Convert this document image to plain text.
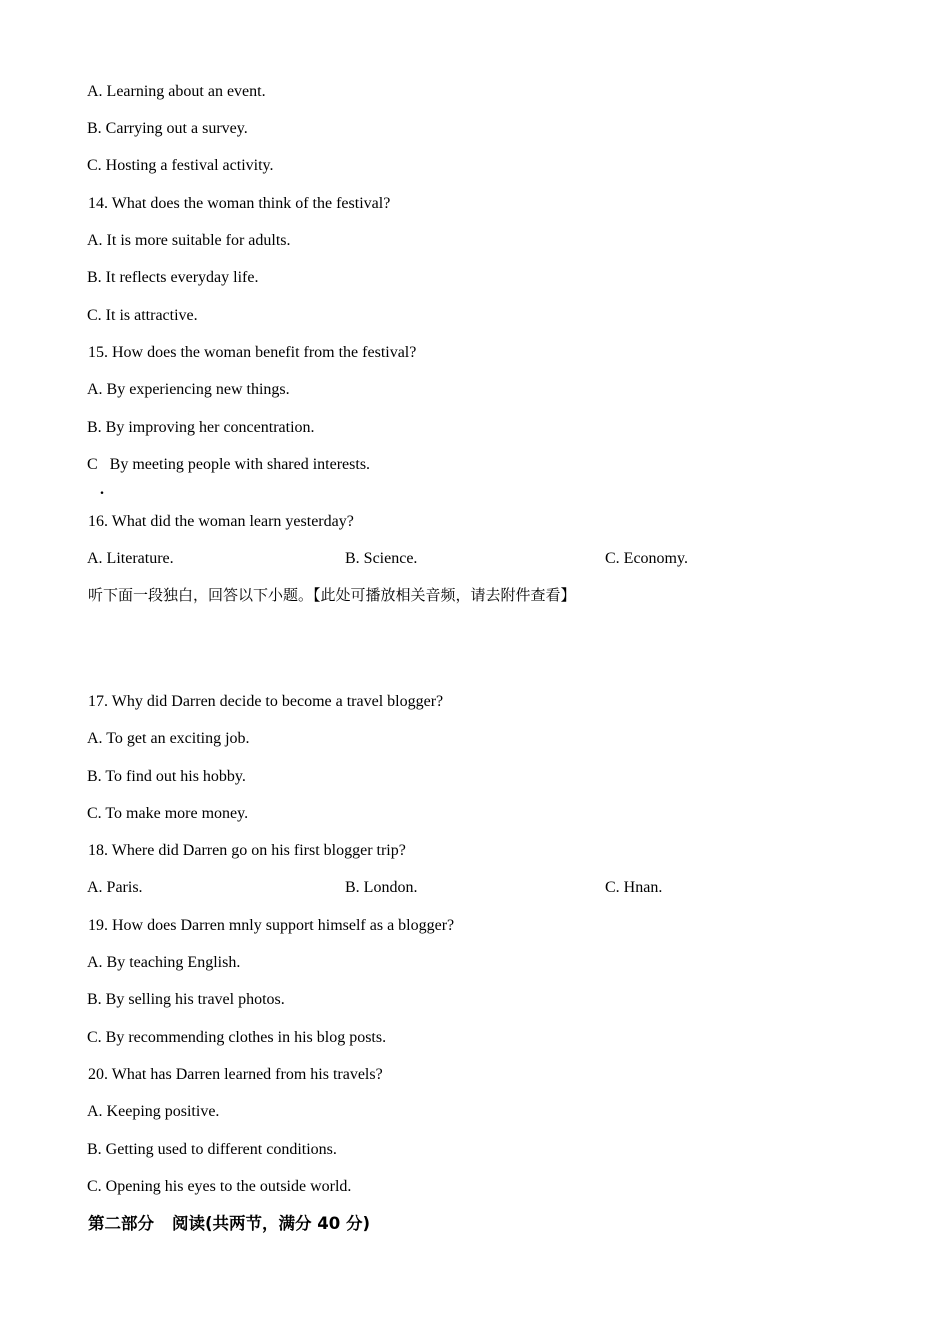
A. Learning about an event.
B. Carrying out a survey.
C. Hosting a festival activity.
14. What does the woman think of the festival?
A. It is more suitable for adults.
B. It reflects everyday life.
C. It is attractive.
15. How does the woman benefit from the festival?
A. By experiencing new things.
B. By improving her concentration.
C   By meeting people with shared interests.
.
16. What did the woman learn yesterday?
A. Literature.	B. Science.	C. Economy.
听下面一段独白，回答以下小题。【此处可播放相关音频，请去附件查看】
17. Why did Darren decide to become a travel blogger?
A. To get an exciting job.
B. To find out his hobby.
C. To make more money.
18. Where did Darren go on his first blogger trip?
A. Paris.	B. London.	C. Hnan.
19. How does Darren mnly support himself as a blogger?
A. By teaching English.
B. By selling his travel photos.
C. By recommending clothes in his blog posts.
20. What has Darren learned from his travels?
A. Keeping positive.
B. Getting used to different conditions.
C. Opening his eyes to the outside world.
第二部分 阅读(共两节，满分 40 分)
